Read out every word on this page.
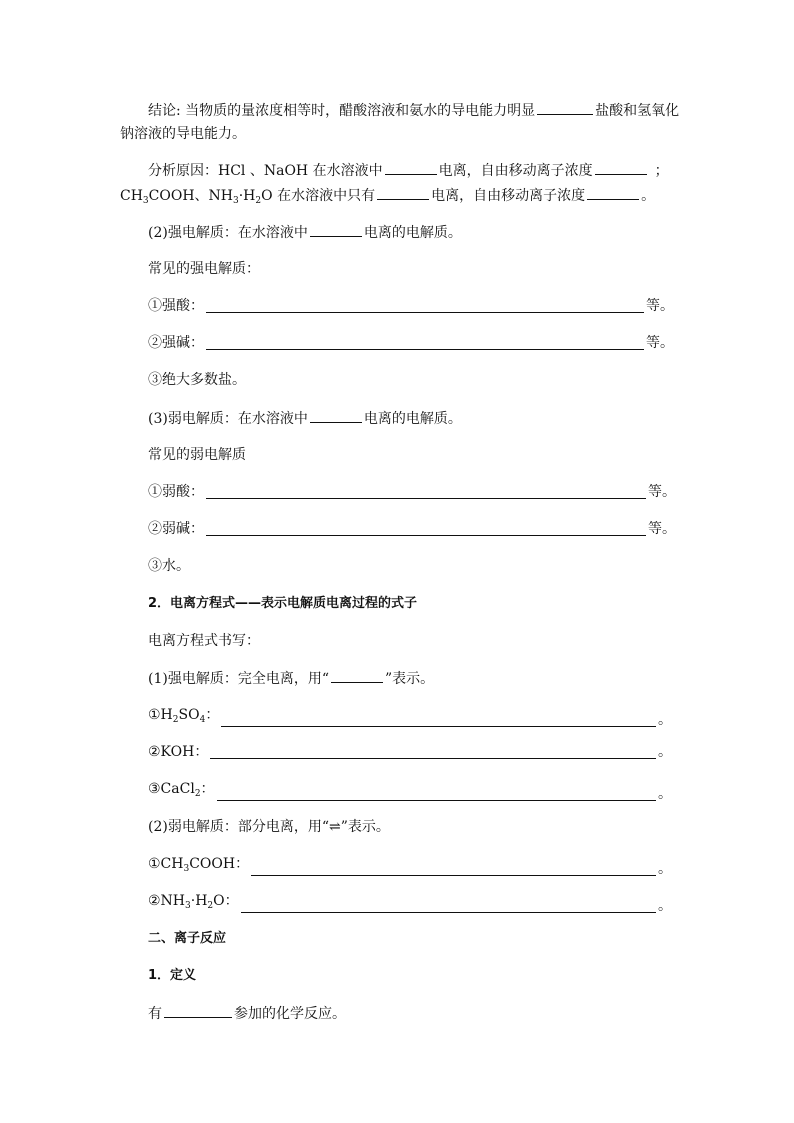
结论: 当物质的量浓度相等时，醋酸溶液和氨水的导电能力明显	盐酸和氢氧化
钠溶液的导电能力。
分析原因：HCl 、NaOH 在水溶液中	电离，自由移动离子浓度	；
$CH_3COOH$、$NH_3\cdot H_2O$ 在水溶液中只有	电离，自由移动离子浓度	。
(2)强电解质：在水溶液中	电离的电解质。
常见的强电解质：
①强酸：	等。
②强碱：	等。
③绝大多数盐。
(3)弱电解质：在水溶液中	电离的电解质。
常见的弱电解质
①弱酸：	等。
②弱碱：	等。
③水。
2．电离方程式——表示电解质电离过程的式子
电离方程式书写：
(1)强电解质：完全电离，用“	”表示。
$①H_2SO_4$：	。
②KOH：	。
③CaCl$_2$：	。
(2)弱电解质：部分电离，用“⇌”表示。
$①CH_3COOH$：	。
$②NH_3\cdot H_2O$：	。
二、离子反应
1．定义
有	参加的化学反应。
